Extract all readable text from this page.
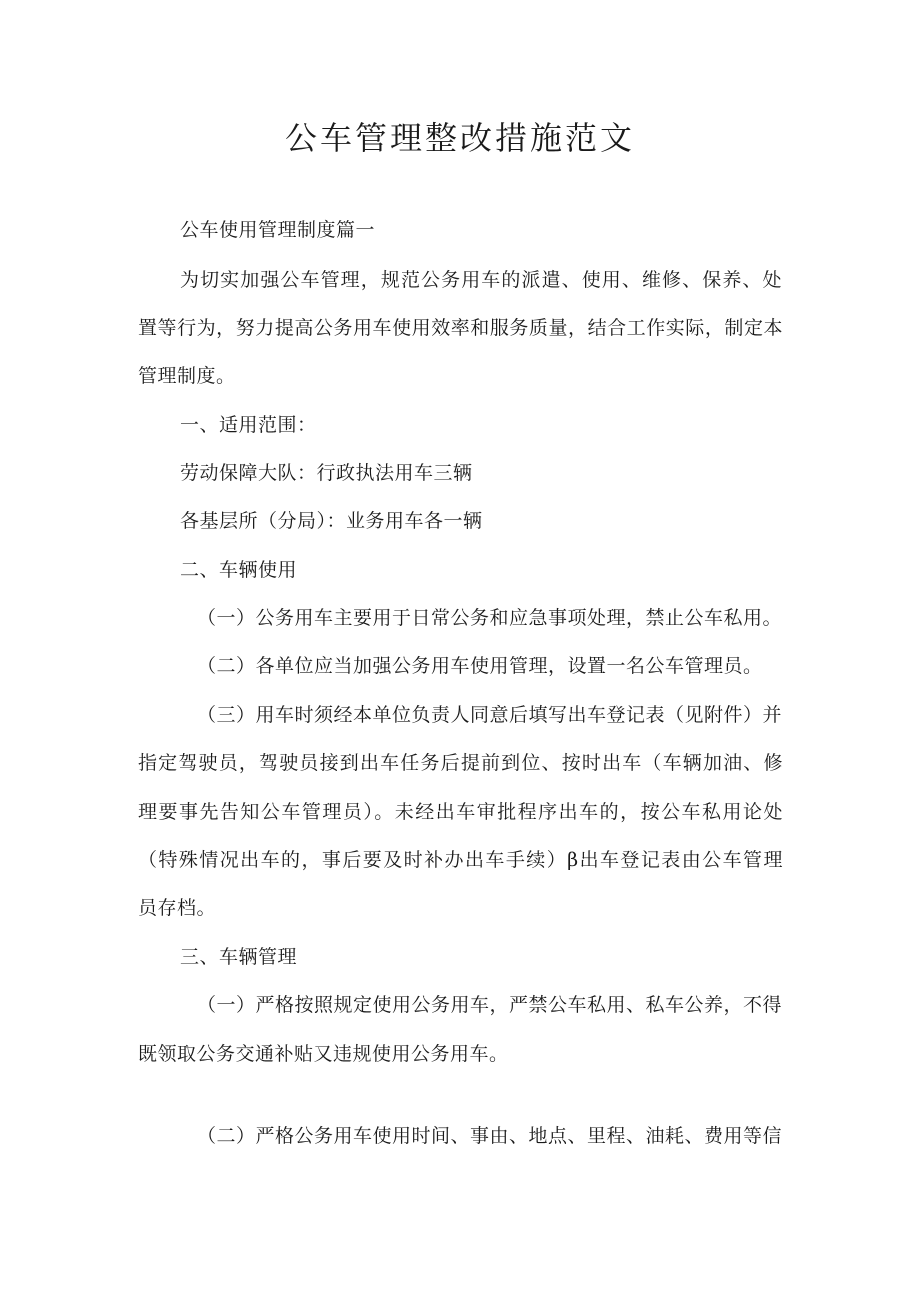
公车管理整改措施范文

公车使用管理制度篇一

为切实加强公车管理，规范公务用车的派遣、使用、维修、保养、处

置等行为，努力提高公务用车使用效率和服务质量，结合工作实际，制定本

管理制度。

一、适用范围：

劳动保障大队：行政执法用车三辆

各基层所（分局）：业务用车各一辆

二、车辆使用

（一）公务用车主要用于日常公务和应急事项处理，禁止公车私用。

（二）各单位应当加强公务用车使用管理，设置一名公车管理员。

（三）用车时须经本单位负责人同意后填写出车登记表（见附件）并

指定驾驶员，驾驶员接到出车任务后提前到位、按时出车（车辆加油、修

理要事先告知公车管理员）。未经出车审批程序出车的，按公车私用论处

（特殊情况出车的，事后要及时补办出车手续）β出车登记表由公车管理

员存档。

三、车辆管理

（一）严格按照规定使用公务用车，严禁公车私用、私车公养，不得

既领取公务交通补贴又违规使用公务用车。

（二）严格公务用车使用时间、事由、地点、里程、油耗、费用等信
